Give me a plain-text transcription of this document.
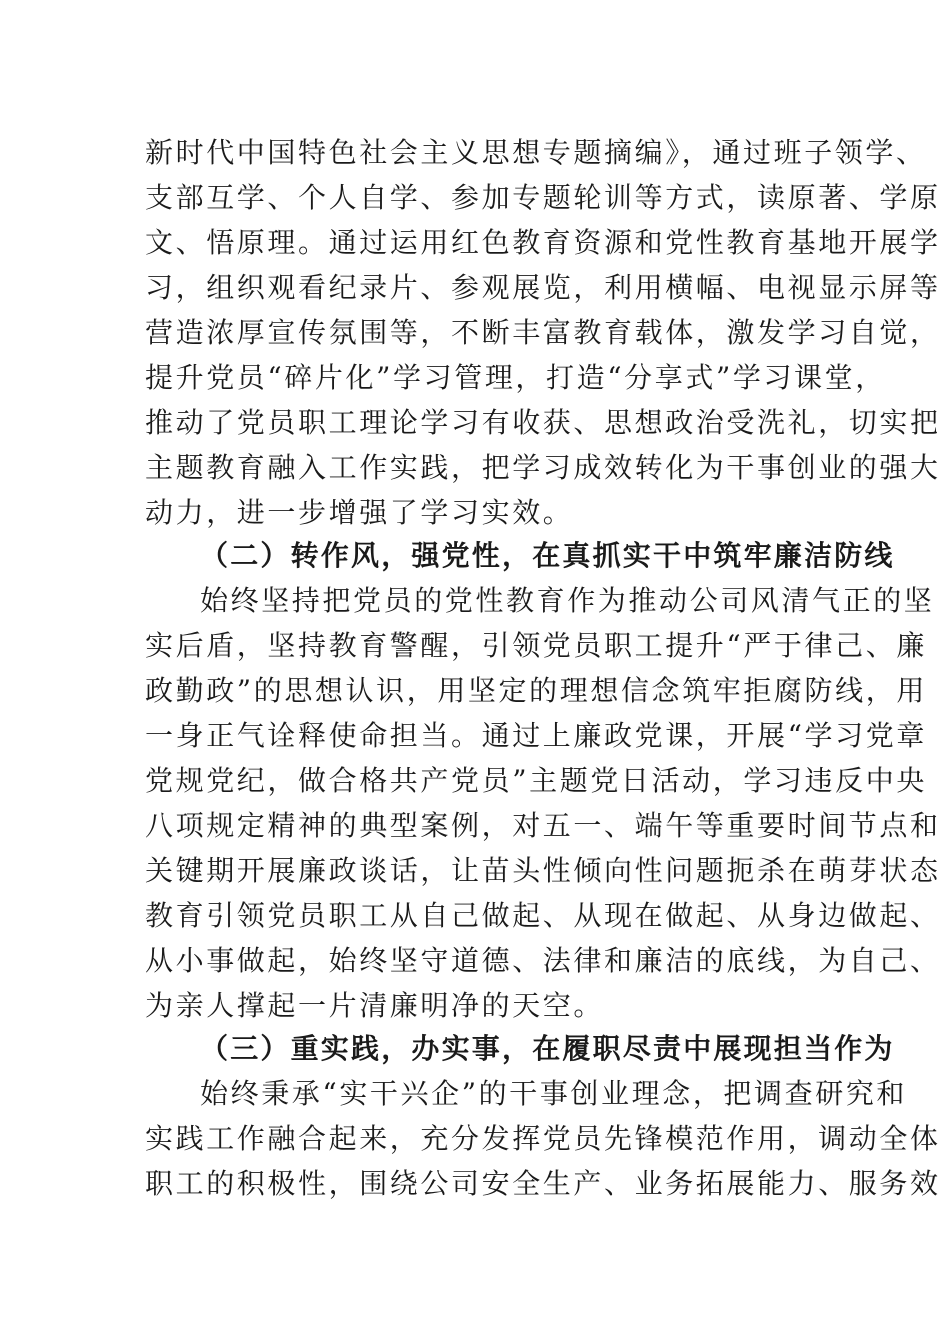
新时代中国特色社会主义思想专题摘编》，通过班子领学、
支部互学、个人自学、参加专题轮训等方式，读原著、学原
文、悟原理。通过运用红色教育资源和党性教育基地开展学
习，组织观看纪录片、参观展览，利用横幅、电视显示屏等
营造浓厚宣传氛围等，不断丰富教育载体，激发学习自觉，
提升党员“碎片化”学习管理，打造“分享式”学习课堂，
推动了党员职工理论学习有收获、思想政治受洗礼，切实把
主题教育融入工作实践，把学习成效转化为干事创业的强大
动力，进一步增强了学习实效。
（二）转作风，强党性，在真抓实干中筑牢廉洁防线
始终坚持把党员的党性教育作为推动公司风清气正的坚
实后盾，坚持教育警醒，引领党员职工提升“严于律己、廉
政勤政”的思想认识，用坚定的理想信念筑牢拒腐防线，用
一身正气诠释使命担当。通过上廉政党课，开展“学习党章
党规党纪，做合格共产党员”主题党日活动，学习违反中央
八项规定精神的典型案例，对五一、端午等重要时间节点和
关键期开展廉政谈话，让苗头性倾向性问题扼杀在萌芽状态
教育引领党员职工从自己做起、从现在做起、从身边做起、
从小事做起，始终坚守道德、法律和廉洁的底线，为自己、
为亲人撑起一片清廉明净的天空。
（三）重实践，办实事，在履职尽责中展现担当作为
始终秉承“实干兴企”的干事创业理念，把调查研究和
实践工作融合起来，充分发挥党员先锋模范作用，调动全体
职工的积极性，围绕公司安全生产、业务拓展能力、服务效
